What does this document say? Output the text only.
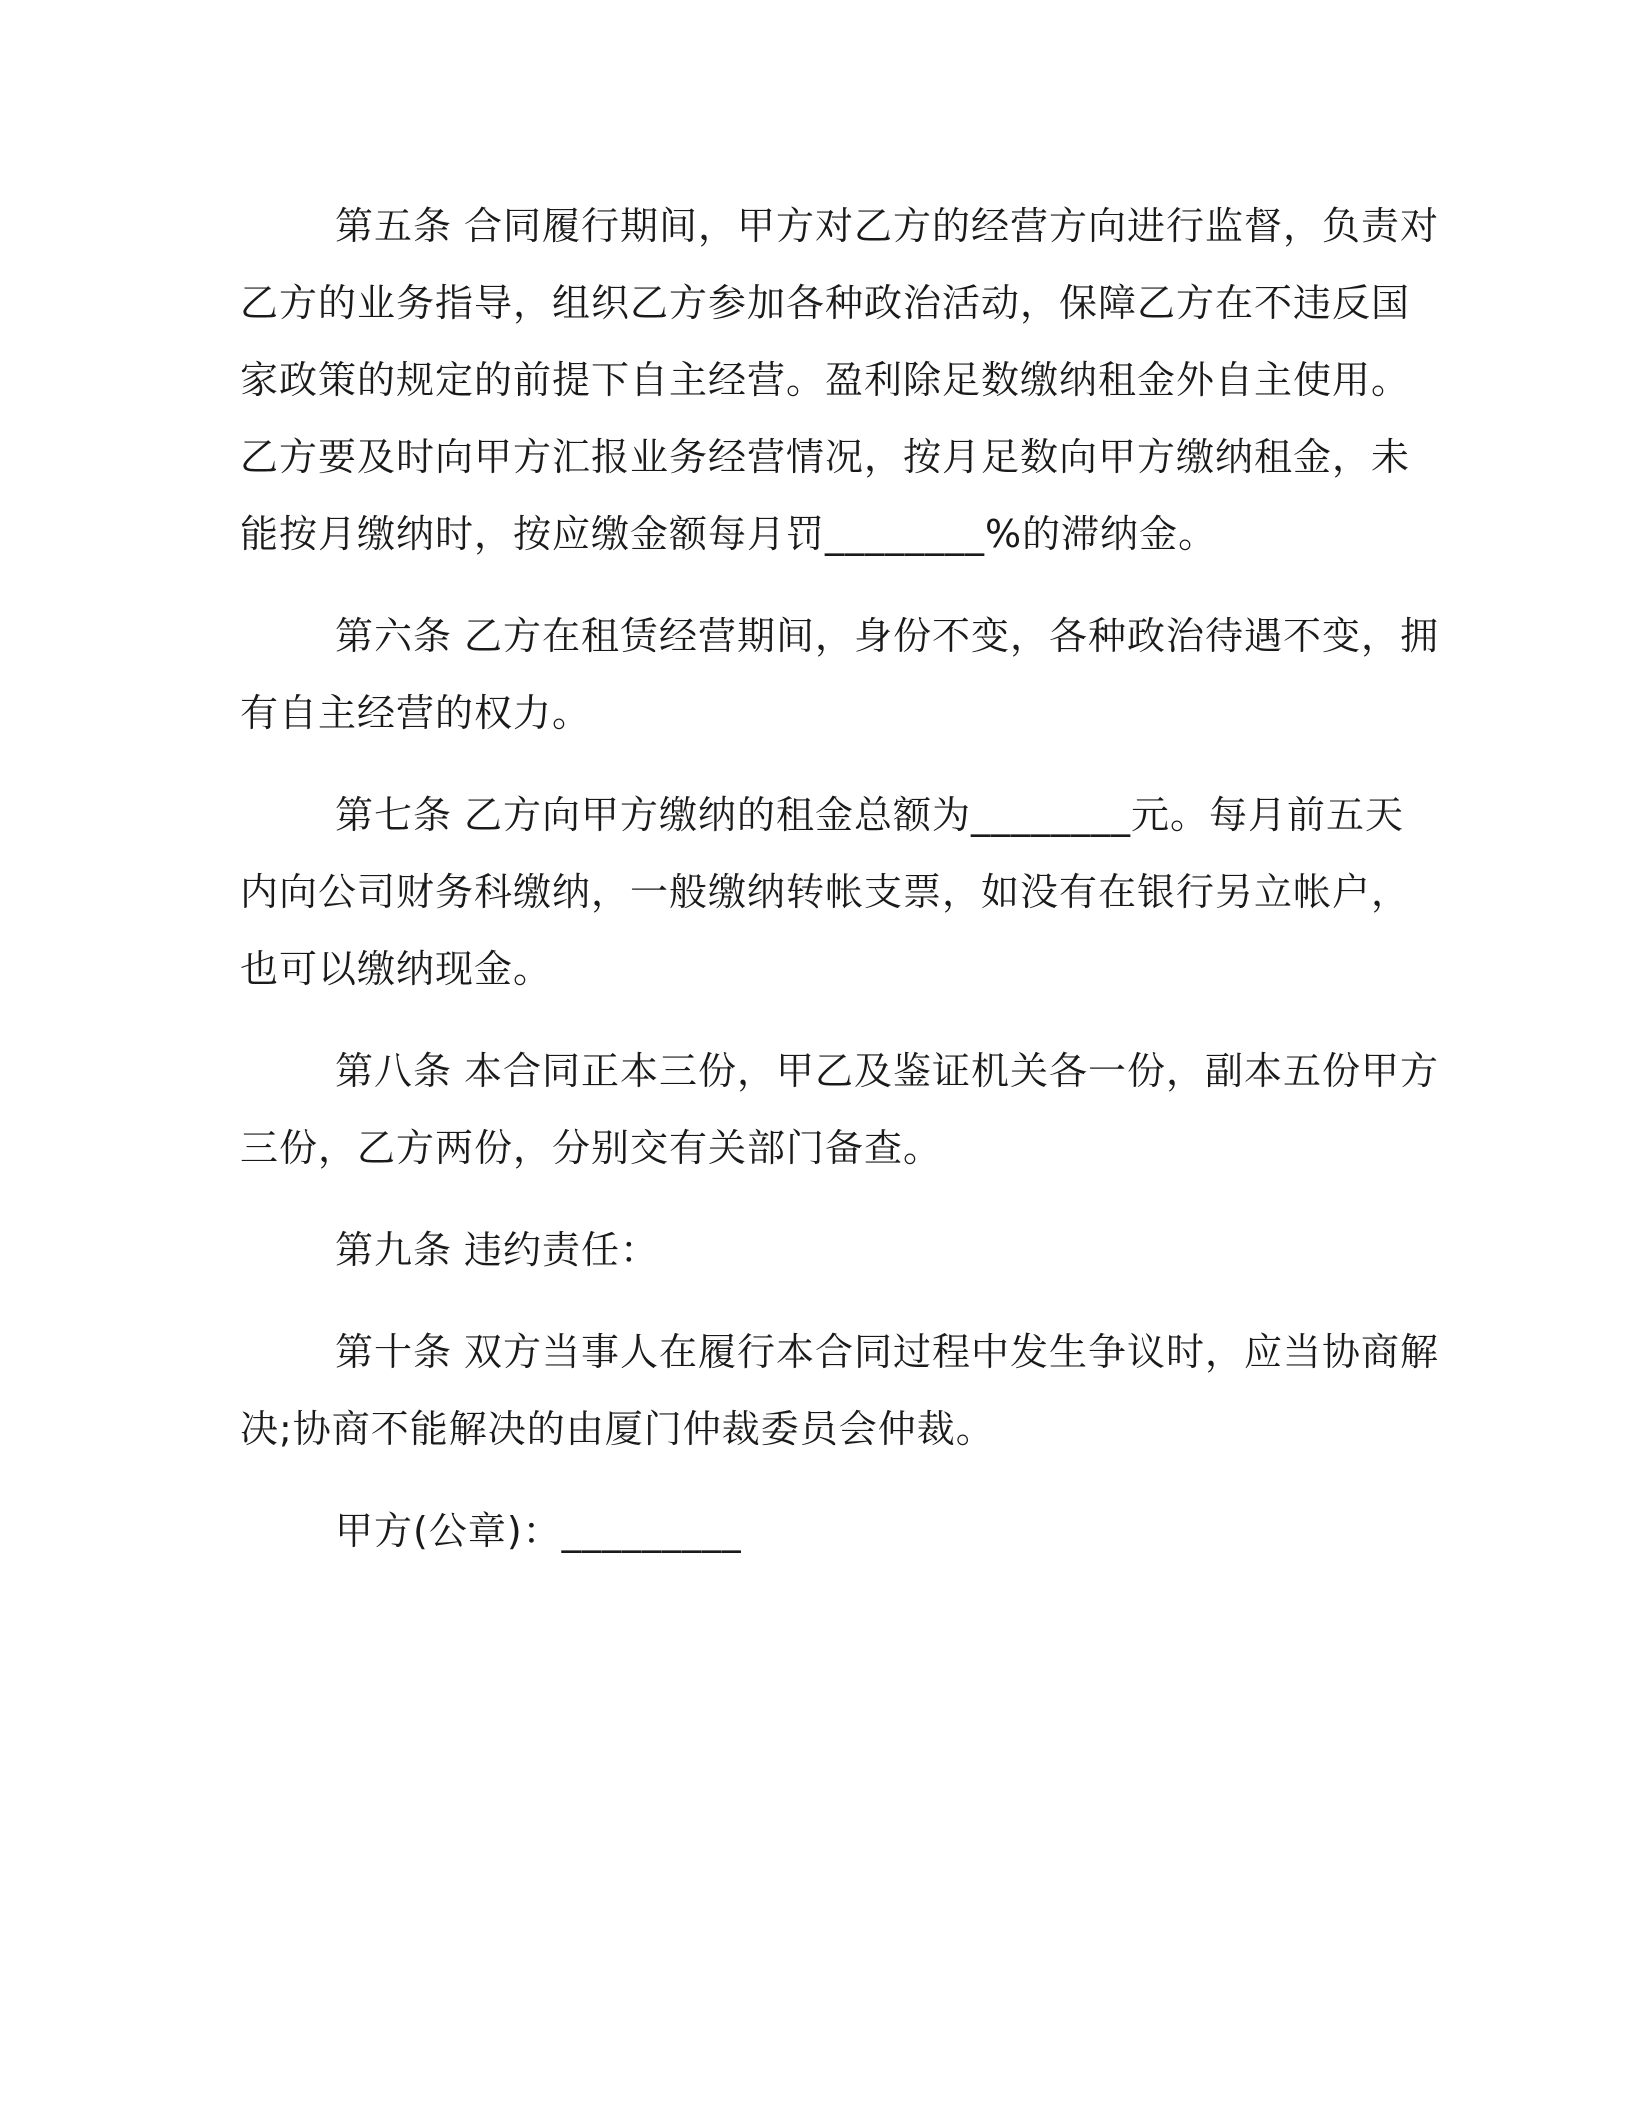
第五条 合同履行期间，甲方对乙方的经营方向进行监督，负责对
乙方的业务指导，组织乙方参加各种政治活动，保障乙方在不违反国
家政策的规定的前提下自主经营。盈利除足数缴纳租金外自主使用。
乙方要及时向甲方汇报业务经营情况，按月足数向甲方缴纳租金，未
能按月缴纳时，按应缴金额每月罚________%的滞纳金。
第六条 乙方在租赁经营期间，身份不变，各种政治待遇不变，拥
有自主经营的权力。
第七条 乙方向甲方缴纳的租金总额为________元。每月前五天
内向公司财务科缴纳，一般缴纳转帐支票，如没有在银行另立帐户，
也可以缴纳现金。
第八条 本合同正本三份，甲乙及鉴证机关各一份，副本五份甲方
三份，乙方两份，分别交有关部门备查。
第九条 违约责任：
第十条 双方当事人在履行本合同过程中发生争议时，应当协商解
决;协商不能解决的由厦门仲裁委员会仲裁。
甲方(公章)：_________
